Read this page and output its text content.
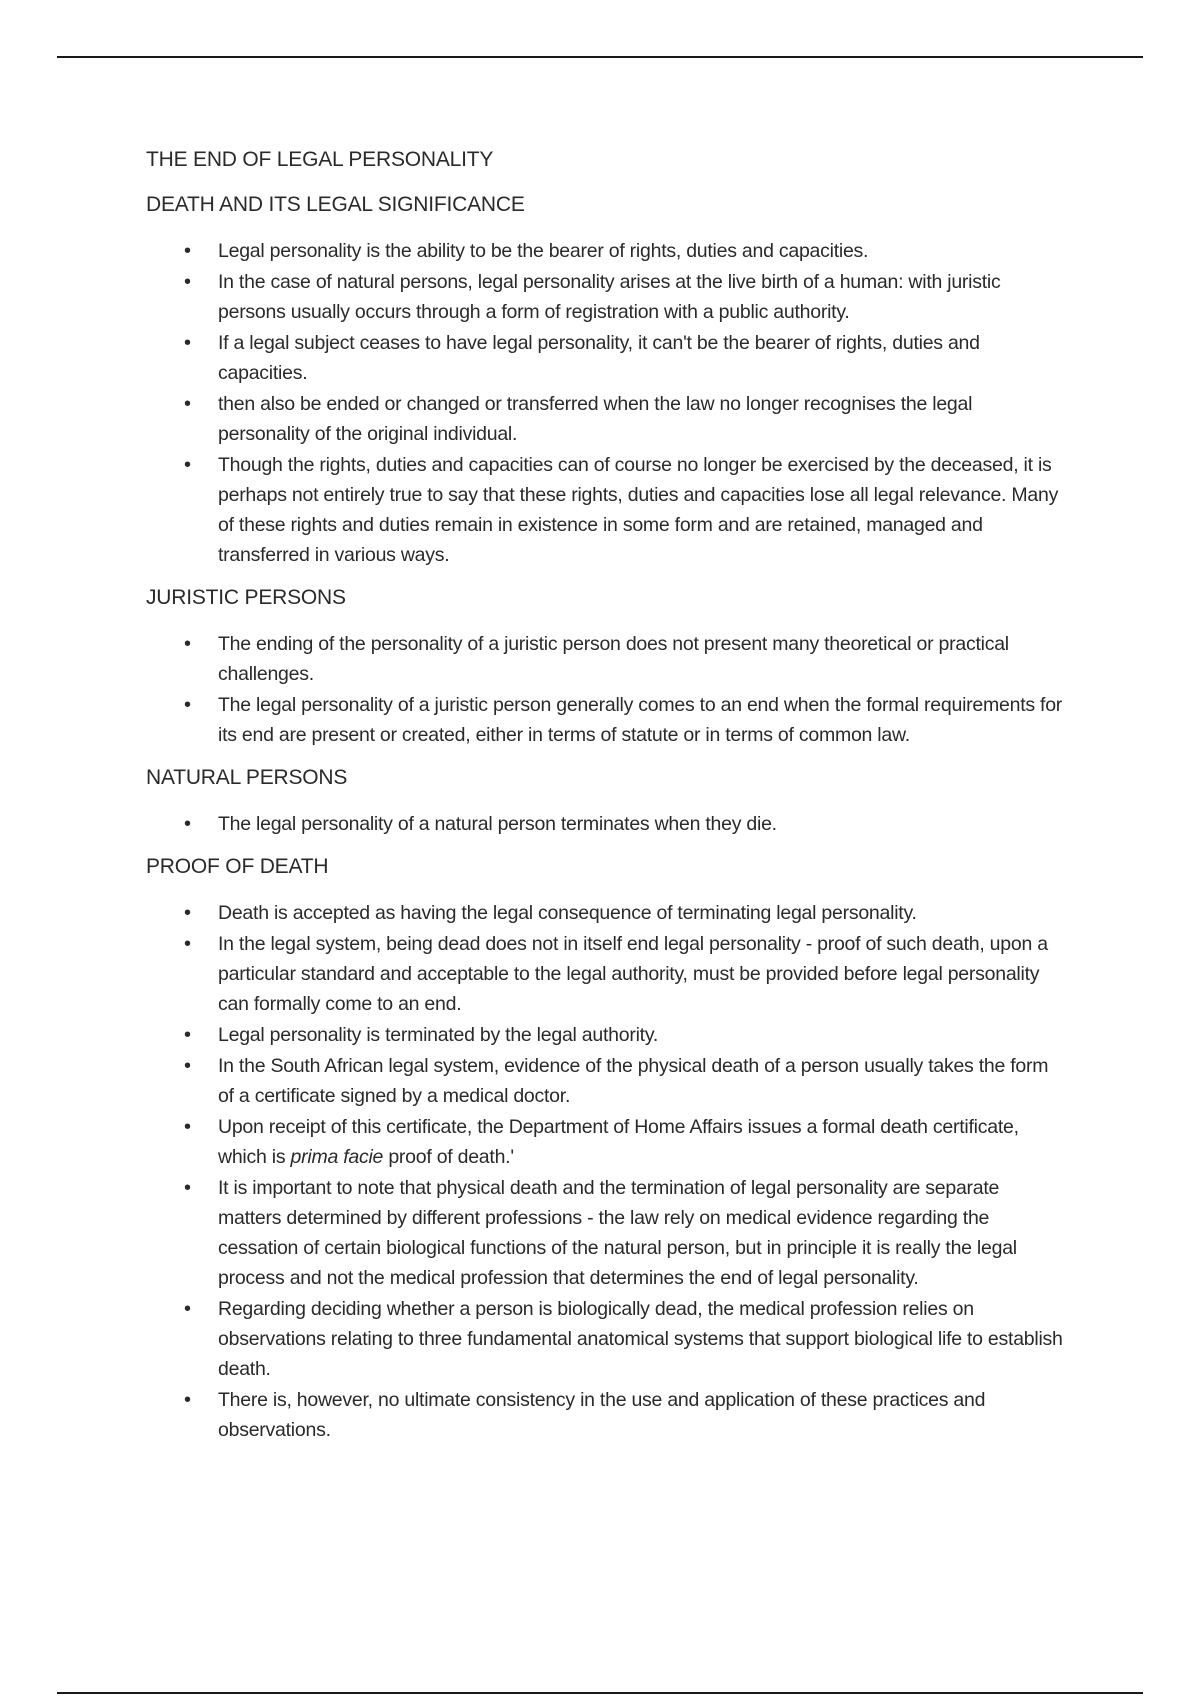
THE END OF LEGAL PERSONALITY
DEATH AND ITS LEGAL SIGNIFICANCE
• Legal personality is the ability to be the bearer of rights, duties and capacities.
• In the case of natural persons, legal personality arises at the live birth of a human: with juristic persons usually occurs through a form of registration with a public authority.
• If a legal subject ceases to have legal personality, it can't be the bearer of rights, duties and capacities.
• then also be ended or changed or transferred when the law no longer recognises the legal personality of the original individual.
• Though the rights, duties and capacities can of course no longer be exercised by the deceased, it is perhaps not entirely true to say that these rights, duties and capacities lose all legal relevance. Many of these rights and duties remain in existence in some form and are retained, managed and transferred in various ways.
JURISTIC PERSONS
• The ending of the personality of a juristic person does not present many theoretical or practical challenges.
• The legal personality of a juristic person generally comes to an end when the formal requirements for its end are present or created, either in terms of statute or in terms of common law.
NATURAL PERSONS
• The legal personality of a natural person terminates when they die.
PROOF OF DEATH
• Death is accepted as having the legal consequence of terminating legal personality.
• In the legal system, being dead does not in itself end legal personality - proof of such death, upon a particular standard and acceptable to the legal authority, must be provided before legal personality can formally come to an end.
• Legal personality is terminated by the legal authority.
• In the South African legal system, evidence of the physical death of a person usually takes the form of a certificate signed by a medical doctor.
• Upon receipt of this certificate, the Department of Home Affairs issues a formal death certificate, which is prima facie proof of death.'
• It is important to note that physical death and the termination of legal personality are separate matters determined by different professions - the law rely on medical evidence regarding the cessation of certain biological functions of the natural person, but in principle it is really the legal process and not the medical profession that determines the end of legal personality.
• Regarding deciding whether a person is biologically dead, the medical profession relies on observations relating to three fundamental anatomical systems that support biological life to establish death.
• There is, however, no ultimate consistency in the use and application of these practices and observations.
